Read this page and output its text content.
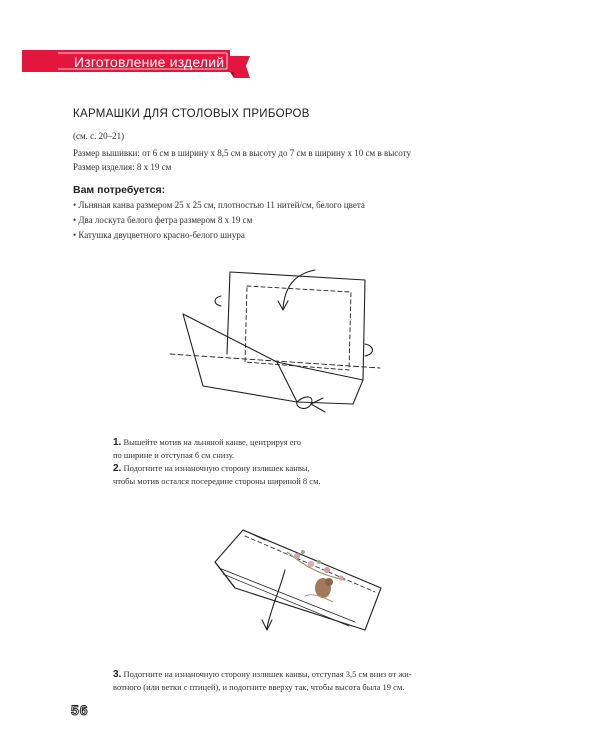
Изготовление изделий
КАРМАШКИ ДЛЯ СТОЛОВЫХ ПРИБОРОВ
(см. с. 20–21)
Размер вышивки: от 6 см в ширину х 8,5 см в высоту до 7 см в ширину х 10 см в высоту
Размер изделия: 8 х 19 см
Вам потребуется:
• Льняная канва размером 25 х 25 см, плотностью 11 нитей/см, белого цвета
• Два лоскута белого фетра размером 8 х 19 см
• Катушка двуцветного красно-белого шнура
1. Вышейте мотив на льняной канве, центрируя его
по ширине и отступая 6 см снизу.
2. Подогните на изнаночную сторону излишек канвы,
чтобы мотив остался посередине стороны шириной 8 см.
3. Подогните на изнаночную сторону излишек канвы, отступая 3,5 см вниз от жи-
вотного (или ветки с птицей), и подогните вверху так, чтобы высота была 19 см.
56
